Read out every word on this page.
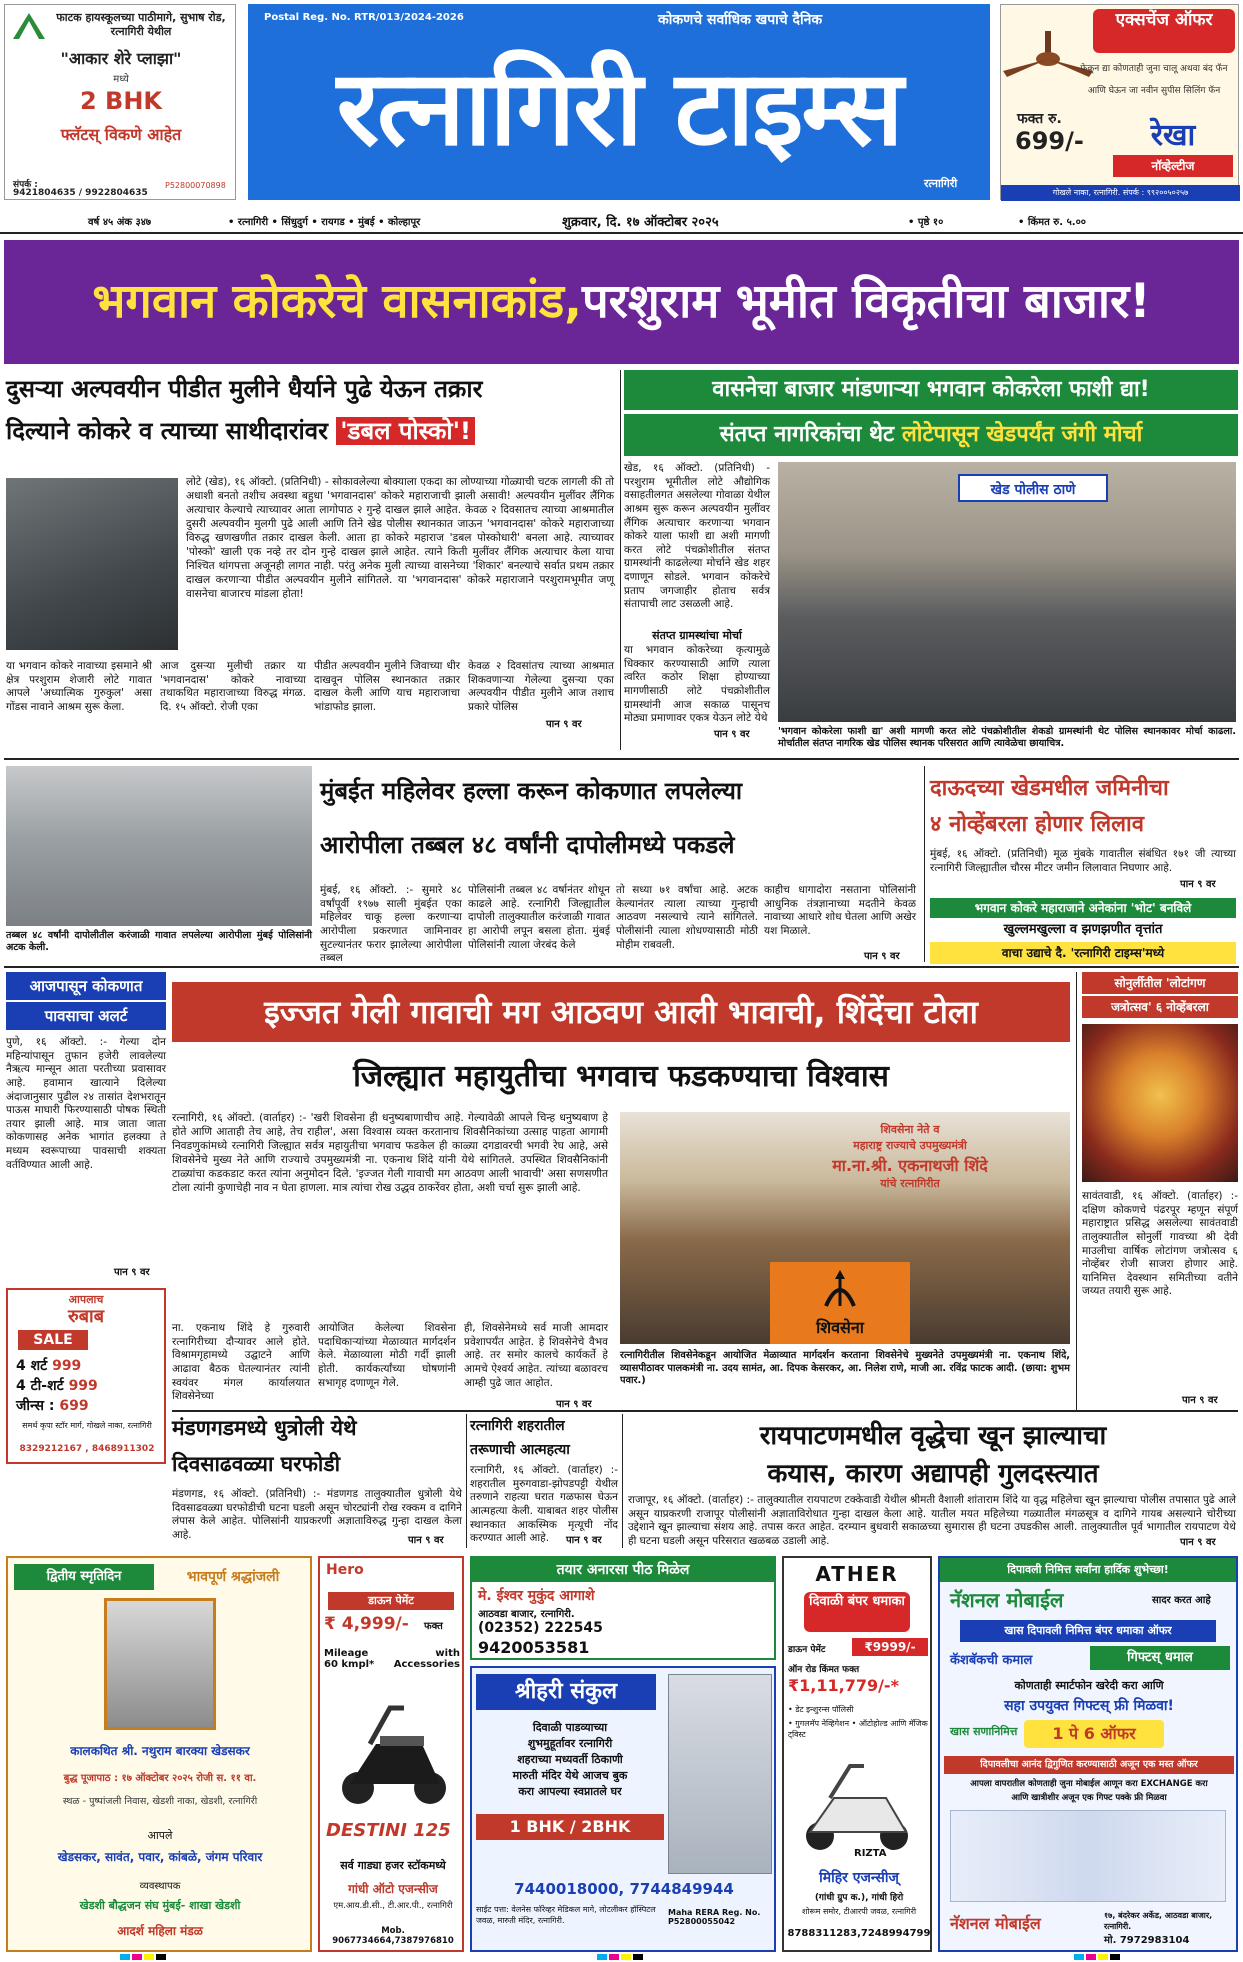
फाटक हायस्कूलच्या पाठीमागे, सुभाष रोड, रत्नागिरी येथील
"आकार शेरे प्लाझा"
मध्ये
2 BHK
फ्लॅटस् विकणे आहेत
संपर्क :
9421804635 / 9922804635
P52800070898
Postal Reg. No. RTR/013/2024-2026	कोकणचे सर्वाधिक खपाचे दैनिक
रत्नागिरी टाइम्स
रत्नागिरी
एक्सचेंज ऑफर
फेकून द्या कोणताही जुना चालू अथवा बंद फॅन
आणि घेऊन जा नवीन सुपीस सिलिंग फॅन
फक्त रु.
699/-	रेखा
नॉव्हेल्टीज
गोखले नाका, रत्नागिरी. संपर्क : ९९२००५०२५७
वर्ष ४५ अंक ३४७	• रत्नागिरी • सिंधुदुर्ग • रायगड • मुंबई • कोल्हापूर	शुक्रवार, दि. १७ ऑक्टोबर २०२५	• पृष्ठे १०	• किंमत रु. ५.००
भगवान कोकरेचे वासनाकांड,परशुराम भूमीत विकृतीचा बाजार!
दुसऱ्या अल्पवयीन पीडीत मुलीने धैर्याने पुढे येऊन तक्रार
दिल्याने कोकरे व त्याच्या साथीदारांवर 'डबल पोस्को'!
लोटे (खेड), १६ ऑक्टो. (प्रतिनिधी) - सोकावलेल्या बोक्याला एकदा का लोण्याच्या गोळ्याची चटक लागली की तो अधाशी बनतो तशीच अवस्था बहुधा 'भगवानदास' कोकरे महाराजाची झाली असावी! अल्पवयीन मुलींवर लैंगिक अत्याचार केल्याचे त्याच्यावर आता लागोपाठ २ गुन्हे दाखल झाले आहेत. केवळ २ दिवसातच त्याच्या आश्रमातील दुसरी अल्पवयीन मुलगी पुढे आली आणि तिने खेड पोलीस स्थानकात जाऊन 'भगवानदास' कोकरे महाराजाच्या विरुद्ध खणखणीत तक्रार दाखल केली. आता हा कोकरे महाराज 'डबल पोस्कोधारी' बनला आहे. त्याच्यावर 'पोस्को' खाली एक नव्हे तर दोन गुन्हे दाखल झाले आहेत. त्याने किती मुलींवर लैंगिक अत्याचार केला याचा निश्चित थांगपत्ता अजूनही लागत नाही. परंतु अनेक मुली त्याच्या वासनेच्या 'शिकार' बनल्याचे सर्वात प्रथम तक्रार दाखल करणाऱ्या पीडीत अल्पवयीन मुलीने सांगितले. या 'भगवानदास' कोकरे महाराजाने परशुरामभूमीत जणू वासनेचा बाजारच मांडला होता!
या भगवान कोकरे नावाच्या इसमाने श्री क्षेत्र परशुराम शेजारी लोटे गावात आपले 'अध्यात्मिक गुरुकुल' असा गोंडस नावाने आश्रम सुरू केला.
आज दुसऱ्या मुलीची तक्रार या 'भगवानदास' कोकरे नावाच्या तथाकथित महाराजाच्या विरुद्ध मंगळ. दि. १५ ऑक्टो. रोजी एका
पीडीत अल्पवयीन मुलीने जिवाच्या धीर दाखवून पोलिस स्थानकात तक्रार दाखल केली आणि याच महाराजाचा भांडाफोड झाला.
केवळ २ दिवसांतच त्याच्या आश्रमात शिकवणाऱ्या गेलेल्या दुसऱ्या एका अल्पवयीन पीडीत मुलीने आज तशाच प्रकारे पोलिस
पान ९ वर
वासनेचा बाजार मांडणाऱ्या भगवान कोकरेला फाशी द्या!
संतप्त नागरिकांचा थेट लोटेपासून खेडपर्यंत जंगी मोर्चा
खेड, १६ ऑक्टो. (प्रतिनिधी) - परशुराम भूमीतील लोटे औद्योगिक वसाहतीलगत असलेल्या गोवाळा येथील आश्रम सुरू करून अल्पवयीन मुलींवर लैंगिक अत्याचार करणाऱ्या भगवान कोकरे याला फाशी द्या अशी मागणी करत लोटे पंचक्रोशीतील संतप्त ग्रामस्थांनी काढलेल्या मोर्चाने खेड शहर दणाणून सोडले. भगवान कोकरेचे प्रताप जगजाहीर होताच सर्वत्र संतापाची लाट उसळली आहे.
संतप्त ग्रामस्थांचा मोर्चा
या भगवान कोकरेच्या कृत्यामुळे धिक्कार करण्यासाठी आणि त्याला त्वरित कठोर शिक्षा होण्याच्या मागणीसाठी लोटे पंचक्रोशीतील ग्रामस्थांनी आज सकाळ पासूनच मोठ्या प्रमाणावर एकत्र येऊन लोटे येथे
पान ९ वर
खेड पोलीस ठाणे
'भगवान कोकरेला फाशी द्या' अशी मागणी करत लोटे पंचक्रोशीतील शेकडो ग्रामस्थांनी थेट पोलिस स्थानकावर मोर्चा काढला. मोर्चातील संतप्त नागरिक खेड पोलिस स्थानक परिसरात आणि त्यावेळेचा छायाचित्र.
तब्बल ४८ वर्षांनी दापोलीतील करंजाळी गावात लपलेल्या आरोपीला मुंबई पोलिसांनी अटक केली.
मुंबईत महिलेवर हल्ला करून कोकणात लपलेल्या
आरोपीला तब्बल ४८ वर्षांनी दापोलीमध्ये पकडले
मुंबई, १६ ऑक्टो. :- सुमारे ४८ वर्षांपूर्वी १९७७ साली मुंबईत एका महिलेवर चाकू हल्ला करणाऱ्या आरोपीला प्रकरणात जामिनावर सुटल्यानंतर फरार झालेल्या आरोपीला तब्बल
पोलिसांनी तब्बल ४८ वर्षानंतर शोधून काढले आहे. रत्नागिरी जिल्ह्यातील दापोली तालुक्यातील करंजाळी गावात हा आरोपी लपून बसला होता. मुंबई पोलिसांनी त्याला जेरबंद केले
तो सध्या ७१ वर्षांचा आहे. अटक केल्यानंतर त्याला त्याच्या गुन्हाची आठवण नसल्याचे त्याने सांगितले. पोलीसांनी त्याला शोधण्यासाठी मोठी मोहीम राबवली.
काहीच धागादोरा नसताना पोलिसांनी आधुनिक तंत्रज्ञानाच्या मदतीने केवळ नावाच्या आधारे शोध घेतला आणि अखेर यश मिळाले.
पान ९ वर
दाऊदच्या खेडमधील जमिनीचा
४ नोव्हेंबरला होणार लिलाव
मुंबई, १६ ऑक्टो. (प्रतिनिधी) मूळ मुंबके गावातील संबंधित १७१ जी त्याच्या रत्नागिरी जिल्ह्यातील चौरस मीटर जमीन लिलावात निघणार आहे.
पान ९ वर
भगवान कोकरे महाराजाने अनेकांना 'भोट' बनविले
खुल्लमखुल्ला व झणझणीत वृत्तांत
वाचा उद्याचे दै. 'रत्नागिरी टाइम्स'मध्ये
आजपासून कोकणात
पावसाचा अलर्ट
पुणे, १६ ऑक्टो. :- गेल्या दोन महिन्यांपासून तुफान हजेरी लावलेल्या नैऋत्य मान्सून आता परतीच्या प्रवासावर आहे. हवामान खात्याने दिलेल्या अंदाजानुसार पुढील २४ तासांत देशभरातून पाऊस माघारी फिरण्यासाठी पोषक स्थिती तयार झाली आहे. मात्र जाता जाता कोकणासह अनेक भागांत हलक्या ते मध्यम स्वरूपाच्या पावसाची शक्यता वर्तविण्यात आली आहे.
पान ९ वर
आपलाच
रुबाब
SALE
4 शर्ट 999
4 टी-शर्ट 999
जीन्स : 699
समर्थ कृपा स्टॉर मार्ग, गोखले नाका, रत्नागिरी
8329212167 , 8468911302
इज्जत गेली गावाची मग आठवण आली भावाची, शिंदेंचा टोला
जिल्ह्यात महायुतीचा भगवाच फडकण्याचा विश्वास
रत्नागिरी, १६ ऑक्टो. (वार्ताहर) :- 'खरी शिवसेना ही धनुष्यबाणाचीच आहे. गेल्यावेळी आपले चिन्ह धनुष्यबाण हे होते आणि आताही तेच आहे, तेच राहील', असा विश्वास व्यक्त करतानाच शिवसैनिकांच्या उत्साह पाहता आगामी निवडणुकांमध्ये रत्नागिरी जिल्ह्यात सर्वत्र महायुतीचा भगवाच फडकेल ही काळ्या दगडावरची भगवी रेघ आहे, असे शिवसेनेचे मुख्य नेते आणि राज्याचे उपमुख्यमंत्री ना. एकनाथ शिंदे यांनी येथे सांगितले. उपस्थित शिवसैनिकांनी टाळ्यांचा कडकडाट करत त्यांना अनुमोदन दिले. 'इज्जत गेली गावाची मग आठवण आली भावाची' असा सणसणीत टोला त्यांनी कुणाचेही नाव न घेता हाणला. मात्र त्यांचा रोख उद्धव ठाकरेंवर होता, अशी चर्चा सुरू झाली आहे.
शिवसेना नेते व
महाराष्ट्र राज्याचे उपमुख्यमंत्री
मा.ना.श्री. एकनाथजी शिंदे
यांचे रत्नागिरीत
शिवसेना
ना. एकनाथ शिंदे हे गुरुवारी रत्नागिरीच्या दौऱ्यावर आले होते. विश्रामगृहामध्ये उद्घाटने आणि आढावा बैठक घेतल्यानंतर त्यांनी स्वयंवर मंगल कार्यालयात शिवसेनेच्या
आयोजित केलेल्या शिवसेना पदाधिकाऱ्यांच्या मेळाव्यात मार्गदर्शन केले. मेळाव्याला मोठी गर्दी झाली होती. कार्यकर्त्यांच्या घोषणांनी सभागृह दणाणून गेले.
ही, शिवसेनेमध्ये सर्व माजी आमदार प्रवेशापर्यंत आहेत. हे शिवसेनेचे वैभव आहे. तर समोर कालचे कार्यकर्ते हे आमचे ऐश्वर्य आहेत. त्यांच्या बळावरच आम्ही पुढे जात आहोत.
पान ९ वर
रत्नागिरीतील शिवसेनेकडून आयोजित मेळाव्यात मार्गदर्शन करताना शिवसेनेचे मुख्यनेते उपमुख्यमंत्री ना. एकनाथ शिंदे, व्यासपीठावर पालकमंत्री ना. उदय सामंत, आ. दिपक केसरकर, आ. निलेश राणे, माजी आ. रविंद्र फाटक आदी. (छाया: शुभम पवार.)
सोनुर्लीतील 'लोटांगण
जत्रोत्सव' ६ नोव्हेंबरला
सावंतवाडी, १६ ऑक्टो. (वार्ताहर) :- दक्षिण कोकणचे पंढरपूर म्हणून संपूर्ण महाराष्ट्रात प्रसिद्ध असलेल्या सावंतवाडी तालुक्यातील सोनुर्ली गावच्या श्री देवी माउलीचा वार्षिक लोटांगण जत्रोत्सव ६ नोव्हेंबर रोजी साजरा होणार आहे. यानिमित्त देवस्थान समितीच्या वतीने जय्यत तयारी सुरू आहे.
पान ९ वर
मंडणगडमध्ये धुत्रोली येथे
दिवसाढवळ्या घरफोडी
मंडणगड, १६ ऑक्टो. (प्रतिनिधी) :- मंडणगड तालुक्यातील धुत्रोली येथे दिवसाढवळ्या घरफोडीची घटना घडली असून चोरट्यांनी रोख रक्कम व दागिने लंपास केले आहेत. पोलिसांनी याप्रकरणी अज्ञाताविरुद्ध गुन्हा दाखल केला आहे.	पान ९ वर
रत्नागिरी शहरातील
तरूणाची आत्महत्या
रत्नागिरी, १६ ऑक्टो. (वार्ताहर) :- शहरातील मुरुगवाडा-झोपडपट्टी येथील तरुणाने राहत्या घरात गळफास घेऊन आत्महत्या केली. याबाबत शहर पोलीस स्थानकात आकस्मिक मृत्यूची नोंद करण्यात आली आहे.	पान ९ वर
रायपाटणमधील वृद्धेचा खून झाल्याचा
कयास, कारण अद्यापही गुलदस्त्यात
राजापूर, १६ ऑक्टो. (वार्ताहर) :- तालुक्यातील रायपाटण टक्केवाडी येथील श्रीमती वैशाली शांताराम शिंदे या वृद्ध महिलेचा खून झाल्याचा पोलीस तपासात पुढे आले असून याप्रकरणी राजापूर पोलीसांनी अज्ञाताविरोधात गुन्हा दाखल केला आहे. यातील मयत महिलेच्या गळ्यातील मंगळसूत्र व दागिने गायब असल्याने चोरीच्या उद्देशाने खून झाल्याचा संशय आहे. तपास करत आहेत. दरम्यान बुधवारी सकाळच्या सुमारास ही घटना उघडकीस आली. तालुक्यातील पूर्व भागातील रायपाटण येथे ही घटना घडली असून परिसरात खळबळ उडाली आहे.	पान ९ वर
द्वितीय स्मृतिदिन	भावपूर्ण श्रद्धांजली
कालकथित श्री. नथुराम बारक्या खेडसकर
बुद्ध पूजापाठ : १७ ऑक्टोबर २०२५ रोजी स. ११ वा.
स्थळ - पुष्पांजली निवास, खेडशी नाका, खेडशी, रत्नागिरी
आपले
खेडसकर, सावंत, पवार, कांबळे, जंगम परिवार
व्यवस्थापक
खेडशी बौद्धजन संघ मुंबई- शाखा खेडशी
आदर्श महिला मंडळ
Hero
डाऊन पेमेंट
₹ 4,999/-	फक्त
Mileage 60 kmpl*
with Accessories
DESTINI 125
सर्व गाड्या हजर स्टॉकमध्ये
गांधी ऑटो एजन्सीज
एम.आय.डी.सी., टी.आर.पी., रत्नागिरी
Mob. 9067734664,7387976810
तयार अनारसा पीठ मिळेल
मे. ईश्वर मुकुंद आगाशे
आठवडा बाजार, रत्नागिरी.
(02352) 222545
9420053581
श्रीहरी संकुल
दिवाळी पाडव्याच्या
शुभमुहूर्तावर रत्नागिरी
शहराच्या मध्यवर्ती ठिकाणी
मारुती मंदिर येथे आजच बुक
करा आपल्या स्वप्नातले घर
1 BHK / 2BHK
7440018000, 7744849944
साईट पत्ता: वेलनेस फॉरेव्हर मेडिकल मागे, लोटलीकर हॉस्पिटल जवळ, मारुती मंदिर, रत्नागिरी.
Maha RERA Reg. No. P52800055042
ATHER
दिवाळी बंपर धमाका
डाऊन पेमेंट	₹9999/-
ऑन रोड किंमत फक्त
₹1,11,779/-*
• डेट इन्शुरन्स पॉलिसी
• गुगलमॅप नेव्हिगेशन • ऑटोहोल्ड आणि मॅजिक ट्विस्ट
RIZTA
मिहिर एजन्सीज्
(गांधी ग्रुप क.), गांधी हिरो
शोरूम समोर, टीआरपी जवळ, रत्नागिरी
8788311283,7248994799
दिपावली निमित्त सर्वांना हार्दिक शुभेच्छा!
नॅशनल मोबाईल	सादर करत आहे
खास दिपावली निमित्त बंपर धमाका ऑफर
कॅशबॅकची कमाल	गिफ्टस् धमाल
कोणताही स्मार्टफोन खरेदी करा आणि
सहा उपयुक्त गिफ्टस् फ्री मिळवा!
खास सणानिमित्त	1 पे 6 ऑफर
दिपावलीचा आनंद द्विगुणित करण्यासाठी अजून एक मस्त ऑफर
आपला वापरातील कोणताही जुना मोबाईल आणून करा EXCHANGE करा
आणि खात्रीशीर अजून एक गिफ्ट पक्के फ्री मिळवा
नॅशनल मोबाईल	१७, बंदरेकर अर्केड, आठवडा बाजार, रत्नागिरी.
मो. 7972983104
